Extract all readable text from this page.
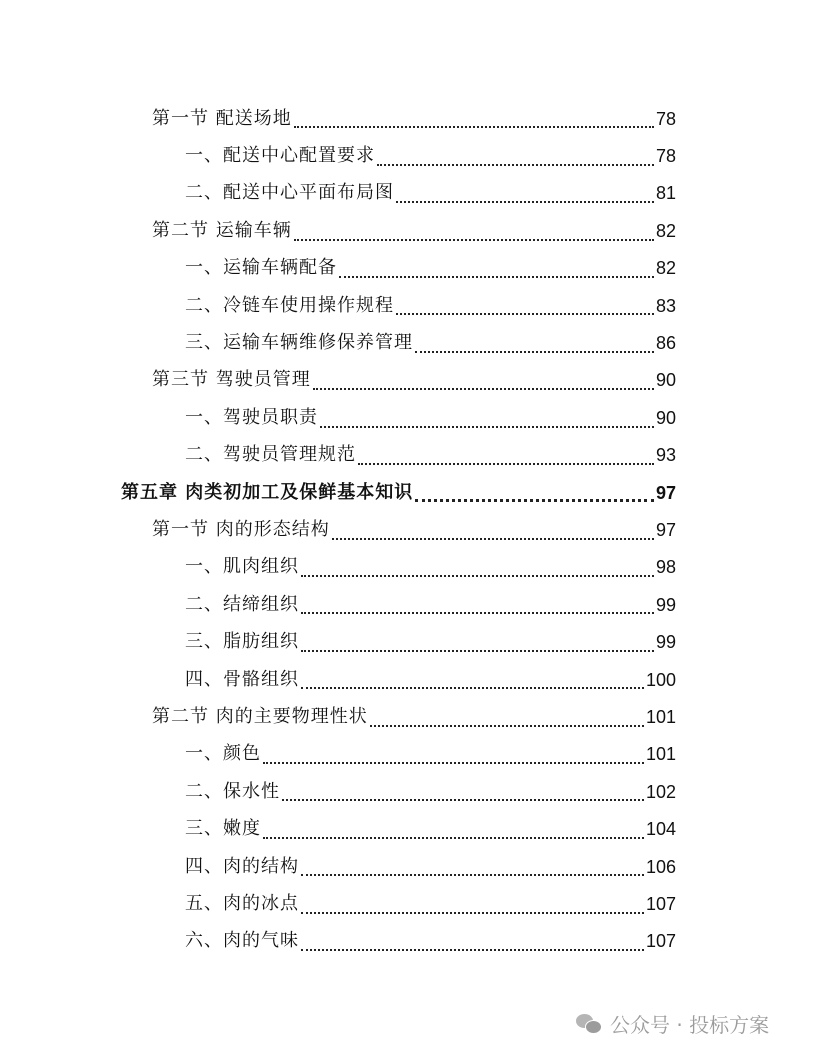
第一节 配送场地	78
一、配送中心配置要求	78
二、配送中心平面布局图	81
第二节 运输车辆	82
一、运输车辆配备	82
二、冷链车使用操作规程	83
三、运输车辆维修保养管理	86
第三节 驾驶员管理	90
一、驾驶员职责	90
二、驾驶员管理规范	93
第五章 肉类初加工及保鲜基本知识	97
第一节 肉的形态结构	97
一、肌肉组织	98
二、结缔组织	99
三、脂肪组织	99
四、骨骼组织	100
第二节 肉的主要物理性状	101
一、颜色	101
二、保水性	102
三、嫩度	104
四、肉的结构	106
五、肉的冰点	107
六、肉的气味	107
公众号 · 投标方案
